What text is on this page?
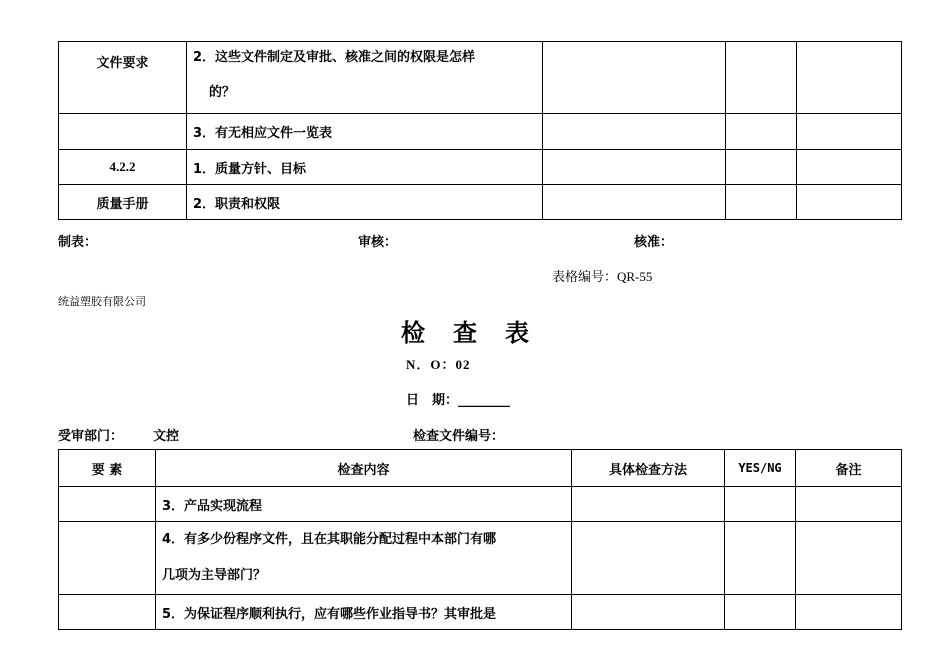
文件要求	2．这些文件制定及审批、核准之间的权限是怎样
的？			

	3．有无相应文件一览表			
4.2.2	1．质量方针、目标			
质量手册	2．职责和权限			
制表：	审核：	核准：
表格编号：QR-55
统益塑胶有限公司
检查表
N．O：02
日　期：________
受审部门： 文控	检查文件编号：
要 素	检查内容	具体检查方法	YES/NG	备注
	3．产品实现流程			

	4．有多少份程序文件，且在其职能分配过程中本部门有哪
几项为主导部门？			

	5．为保证程序顺利执行，应有哪些作业指导书？其审批是			
